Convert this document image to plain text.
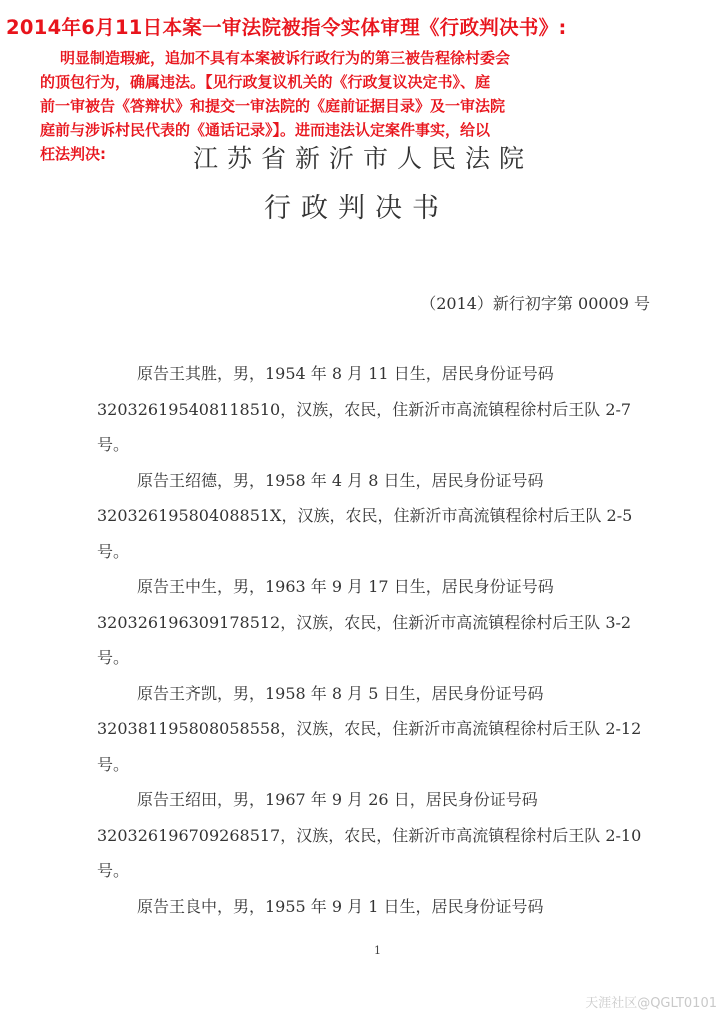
2014年6月11日本案一审法院被指令实体审理《行政判决书》:
明显制造瑕疵，追加不具有本案被诉行政行为的第三被告程徐村委会
的顶包行为，确属违法。【见行政复议机关的《行政复议决定书》、庭
前一审被告《答辩状》和提交一审法院的《庭前证据目录》及一审法院
庭前与涉诉村民代表的《通话记录》】。进而违法认定案件事实，给以
枉法判决:	江苏省新沂市人民法院
行政判决书
（2014）新行初字第 00009 号
原告王其胜，男，1954 年 8 月 11 日生，居民身份证号码 320326195408118510，汉族，农民，住新沂市高流镇程徐村后王队 2-7 号。
原告王绍德，男，1958 年 4 月 8 日生，居民身份证号码 32032619580408851X，汉族，农民，住新沂市高流镇程徐村后王队 2-5 号。
原告王中生，男，1963 年 9 月 17 日生，居民身份证号码 320326196309178512，汉族，农民，住新沂市高流镇程徐村后王队 3-2 号。
原告王齐凯，男，1958 年 8 月 5 日生，居民身份证号码 320381195808058558，汉族，农民，住新沂市高流镇程徐村后王队 2-12 号。
原告王绍田，男，1967 年 9 月 26 日，居民身份证号码 320326196709268517，汉族，农民，住新沂市高流镇程徐村后王队 2-10 号。
原告王良中，男，1955 年 9 月 1 日生，居民身份证号码
1
天涯社区@QGLT0101
